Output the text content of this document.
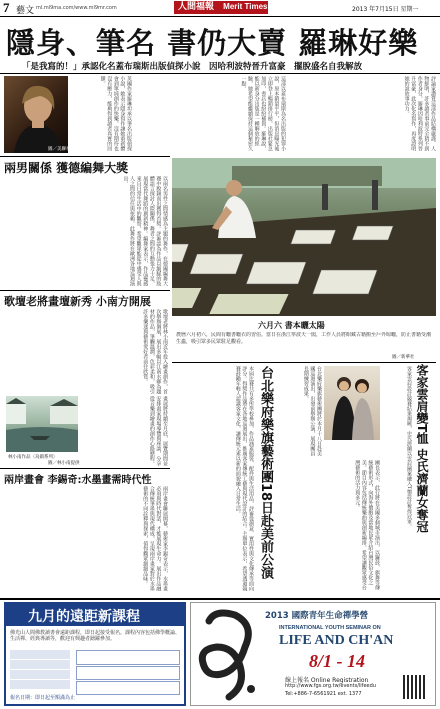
7 藝文 ml.ml9ma.com/www.ml9mr.com	人間福報 Merit Times	2013 年7月15日 星期一
隱身、筆名 書仍大賣 羅琳好樂
「是我寫的！」承認化名蓋布瑞斯出版偵探小說　因哈利波特晉升富豪　擺脫盛名自我解放
圖／美聯社	英國作家羅琳坦承以筆名出版偵探小說，她表示隱身寫作讓她重新體會到單純創作的快樂，沒有期待也沒有壓力，能夠得到讀者真實的回饋。	這部以蓋布瑞斯為名出版的犯罪小說，原本銷量平平，但消息曝光後立即登上暢銷排行榜，出版社緊急加印，書店也紛紛補貨。羅琳說，能以新身分出版是一種解放的經驗，她希望能繼續保持這個秘密久一點。	評論家讚賞這部作品結構嚴謹、人物鮮明，許多讀者事前完全猜不到作者身分。羅琳因哈利波特系列晉升富豪，此次化名寫作，再度證明她的說故事功力。
兩男關係 獲德編舞大獎
以兩名男性之間情感為主題的舞作，在德國編舞大賽中脫穎而出獲得首獎。評審認為作品以細膩的肢體語言探討人際關係，舞者之間的互動張力十足，展現當代舞蹈的創新精神。編舞家表示，作品靈感來自日常生活中的觀察，希望觀眾能從中感受人與人之間的信任與依賴。此舞作將在歐洲各地巡迴演出。
歌壇老將畫壇新秀 小南方開展
歌壇老將林小南近年投入繪畫創作，首次舉辦個展，展出多幅以江南水鄉為題材的作品，筆觸溫潤，色彩柔和，吸引許多樂迷與藝術愛好者前往欣賞。
林小南作品〈烏鎮系列〉
圖／林小南提供	畫展將持續至月底，展覽期間並安排畫家現場導覽與座談，分享從音樂到繪畫的創作心路歷程。
兩岸畫會 李錫奇:水墨畫需時代性
兩岸畫會聯展開幕，藝術家李錫奇表示，水墨畫必須與時代對話，才能展現生命力。展出作品融合傳統筆墨與現代構成，呈現兩岸畫家對於水墨藝術的不同詮釋與探索，值得觀眾細細品味。
六月六 書本曬太陽
農曆六月初六，民間有曬書曬衣的習俗。當日在浙江寧波天一閣，工作人員將館藏古籍搬至戶外晾曬，防止書籍受潮生蟲，吸引眾多民眾駐足觀看。
圖／新華社
本屆比賽共有多所學校參加，作品涵蓋服裝、配件與生活用品，評審從創意、實用性與文化傳承等面向評分。得獎作品將在各地巡迴展出，推廣客家傳統工藝與現代設計的結合。主辦單位表示，希望透過競賽鼓勵年輕人認識客家文化，讓傳統元素以新的面貌融入日常生活。	台北樂府樂旗藝術團18日赴美前公演	台北樂府樂旗藝術團將於本月十八日赴美國巡迴演出，出發前舉辦公演，展現團員長期練習成果。
團長表示，此行將在美國多個城市演出，以鑼鼓、旗舞等傳統藝術形式，向海外僑胞及當地民眾介紹台灣民俗文化之美。節目內容包括傳統樂曲與創新編排，希望讓觀眾感受台灣藝術的活力與多元。	客家雲肩變T恤 史氏濟蘭女奪冠
客家雲肩設計競賽結果揭曉，史氏濟蘭以雲肩圖案融入T恤設計奪得冠軍。
九月的遠距新課程
佛光山人間佛教讀書會遠距課程，即日起接受報名。課程內容包括佛學概論、生活禪、經典導讀等，歡迎有興趣者踴躍參加。
報名日期：即日起至額滿為止
2013 國際青年生命禪學營
INTERNATIONAL YOUTH SEMINAR ON
LIFE AND CH'AN
8/1 - 14
線上報名 Online Registration
http://www.fgs.org.tw/events/lifeedu
Tel:+886-7-6561921 ext. 1377
